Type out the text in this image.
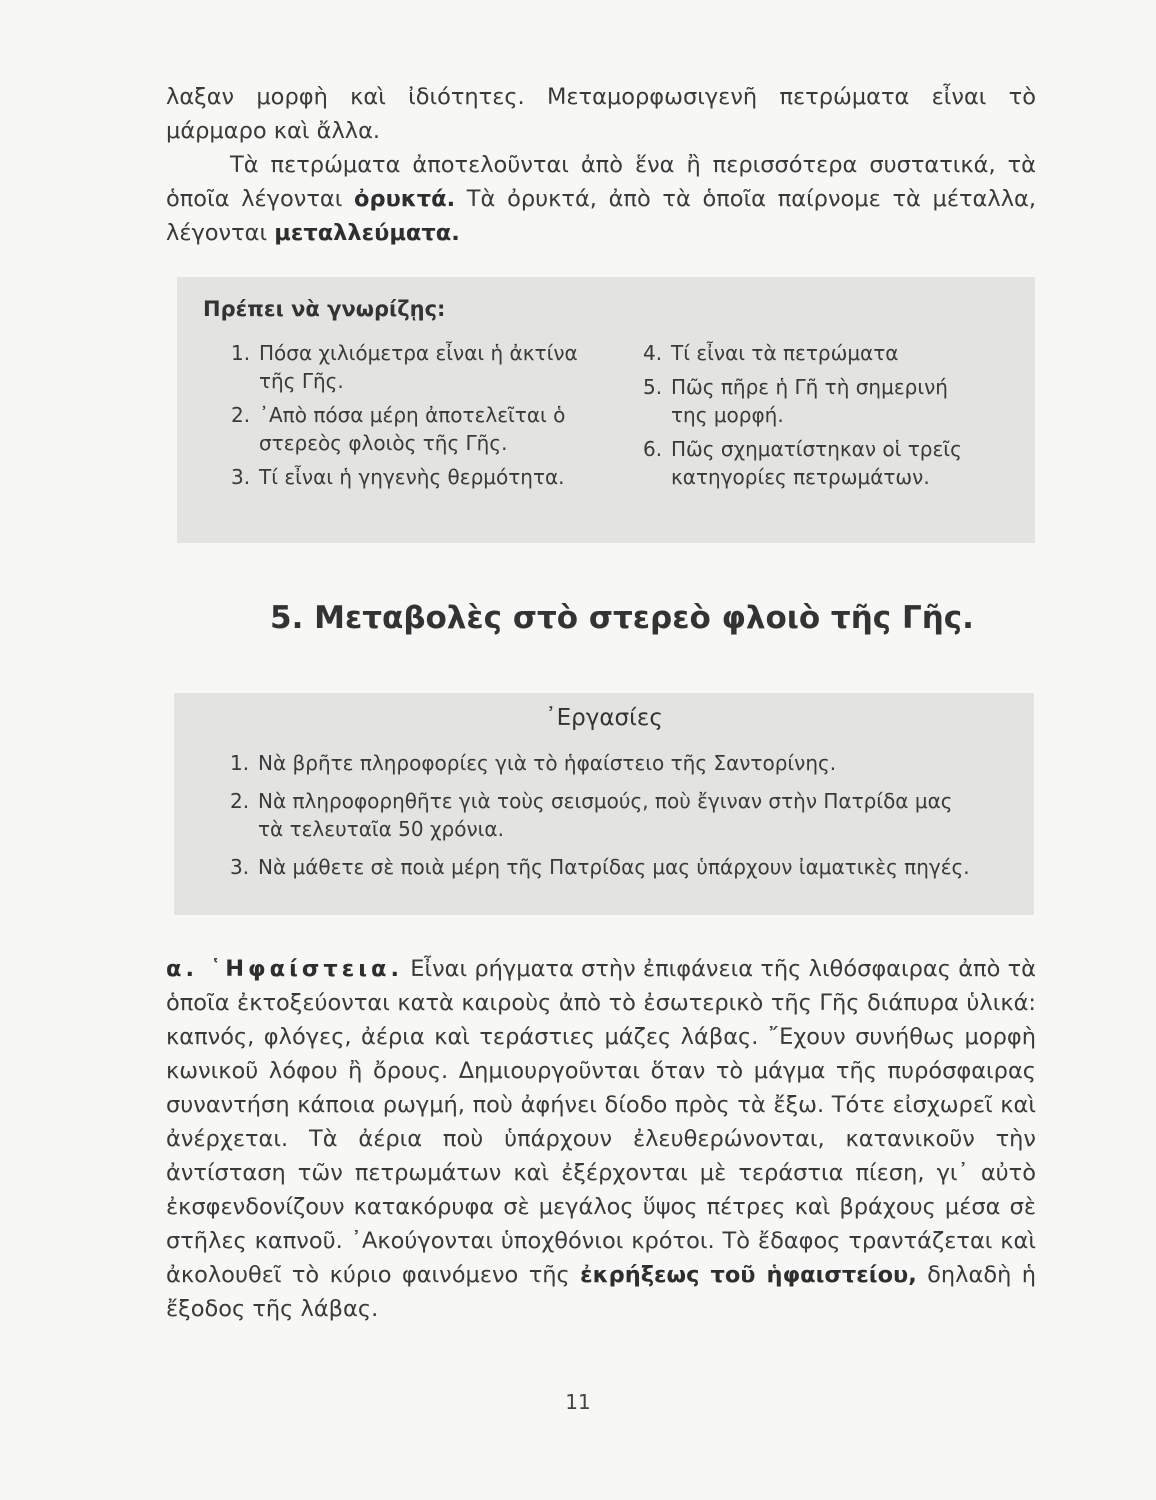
λαξαν μορφὴ καὶ ἰδιότητες. Μεταμορφωσιγενῆ πετρώματα εἶναι τὸ μάρμαρο καὶ ἄλλα.
Τὰ πετρώματα ἀποτελοῦνται ἀπὸ ἕνα ἢ περισσότερα συστατικά, τὰ ὁποῖα λέγονται ὀρυκτά. Τὰ ὀρυκτά, ἀπὸ τὰ ὁποῖα παίρνομε τὰ μέταλλα, λέγονται μεταλλεύματα.
Πρέπει νὰ γνωρίζῃς:
1. Πόσα χιλιόμετρα εἶναι ἡ ἀκτίνα τῆς Γῆς.
2. ᾿Απὸ πόσα μέρη ἀποτελεῖται ὁ στερεὸς φλοιὸς τῆς Γῆς.
3. Τί εἶναι ἡ γηγενὴς θερμότητα.
4. Τί εἶναι τὰ πετρώματα
5. Πῶς πῆρε ἡ Γῆ τὴ σημερινή της μορφή.
6. Πῶς σχηματίστηκαν οἱ τρεῖς κατηγορίες πετρωμάτων.
5. Μεταβολὲς στὸ στερεὸ φλοιὸ τῆς Γῆς.
᾿Εργασίες
1. Νὰ βρῆτε πληροφορίες γιὰ τὸ ἡφαίστειο τῆς Σαντορίνης.
2. Νὰ πληροφορηθῆτε γιὰ τοὺς σεισμούς, ποὺ ἔγιναν στὴν Πατρίδα μας τὰ τελευταῖα 50 χρόνια.
3. Νὰ μάθετε σὲ ποιὰ μέρη τῆς Πατρίδας μας ὑπάρχουν ἰαματικὲς πηγές.
α. ῾Ηφαίστεια. Εἶναι ρήγματα στὴν ἐπιφάνεια τῆς λιθόσφαιρας ἀπὸ τὰ ὁποῖα ἐκτοξεύονται κατὰ καιροὺς ἀπὸ τὸ ἐσωτερικὸ τῆς Γῆς διάπυρα ὑλικά: καπνός, φλόγες, ἀέρια καὶ τεράστιες μάζες λάβας. ῎Εχουν συνήθως μορφὴ κωνικοῦ λόφου ἢ ὄρους. Δημιουργοῦνται ὅταν τὸ μάγμα τῆς πυρόσφαιρας συναντήση κάποια ρωγμή, ποὺ ἀφήνει δίοδο πρὸς τὰ ἔξω. Τότε εἰσχωρεῖ καὶ ἀνέρχεται. Τὰ ἀέρια ποὺ ὑπάρχουν ἐλευθερώνονται, κατανικοῦν τὴν ἀντίσταση τῶν πετρωμάτων καὶ ἐξέρχονται μὲ τεράστια πίεση, γι᾿ αὐτὸ ἐκσφενδονίζουν κατακόρυφα σὲ μεγάλος ὕψος πέτρες καὶ βράχους μέσα σὲ στῆλες καπνοῦ. ᾿Ακούγονται ὑποχθόνιοι κρότοι. Τὸ ἔδαφος τραντάζεται καὶ ἀκολουθεῖ τὸ κύριο φαινόμενο τῆς ἐκρήξεως τοῦ ἡφαιστείου, δηλαδὴ ἡ ἔξοδος τῆς λάβας.
11
